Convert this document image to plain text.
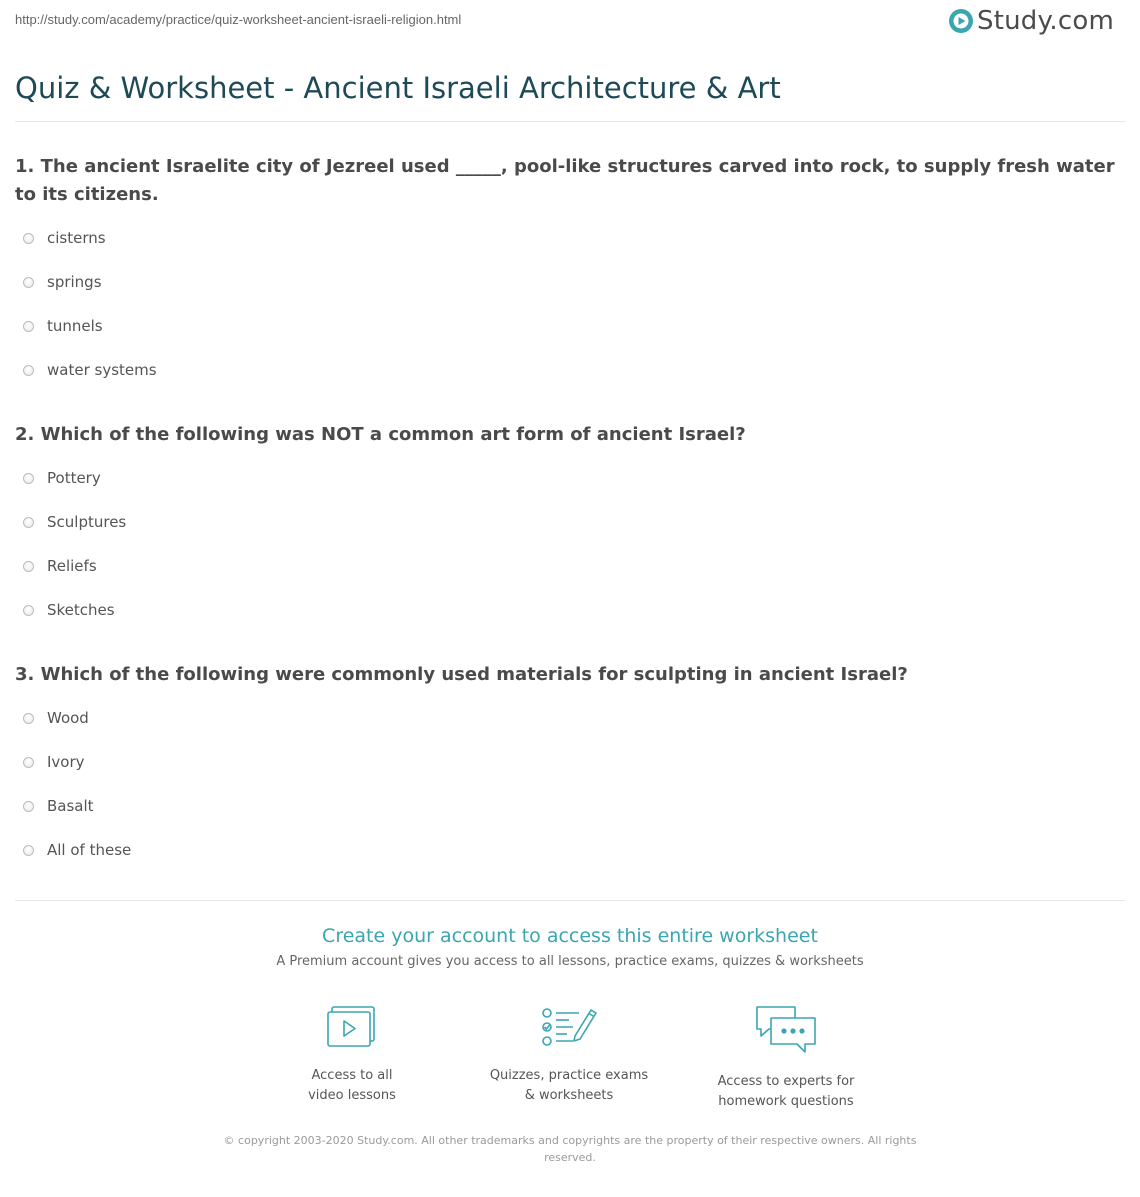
http://study.com/academy/practice/quiz-worksheet-ancient-israeli-religion.html	Study.com
Quiz & Worksheet - Ancient Israeli Architecture & Art
1. The ancient Israelite city of Jezreel used _____, pool-like structures carved into rock, to supply fresh water to its citizens.
cisterns
springs
tunnels
water systems
2. Which of the following was NOT a common art form of ancient Israel?
Pottery
Sculptures
Reliefs
Sketches
3. Which of the following were commonly used materials for sculpting in ancient Israel?
Wood
Ivory
Basalt
All of these
Create your account to access this entire worksheet
A Premium account gives you access to all lessons, practice exams, quizzes & worksheets
Access to all
video lessons
Quizzes, practice exams
& worksheets
Access to experts for
homework questions
© copyright 2003-2020 Study.com. All other trademarks and copyrights are the property of their respective owners. All rights reserved.
